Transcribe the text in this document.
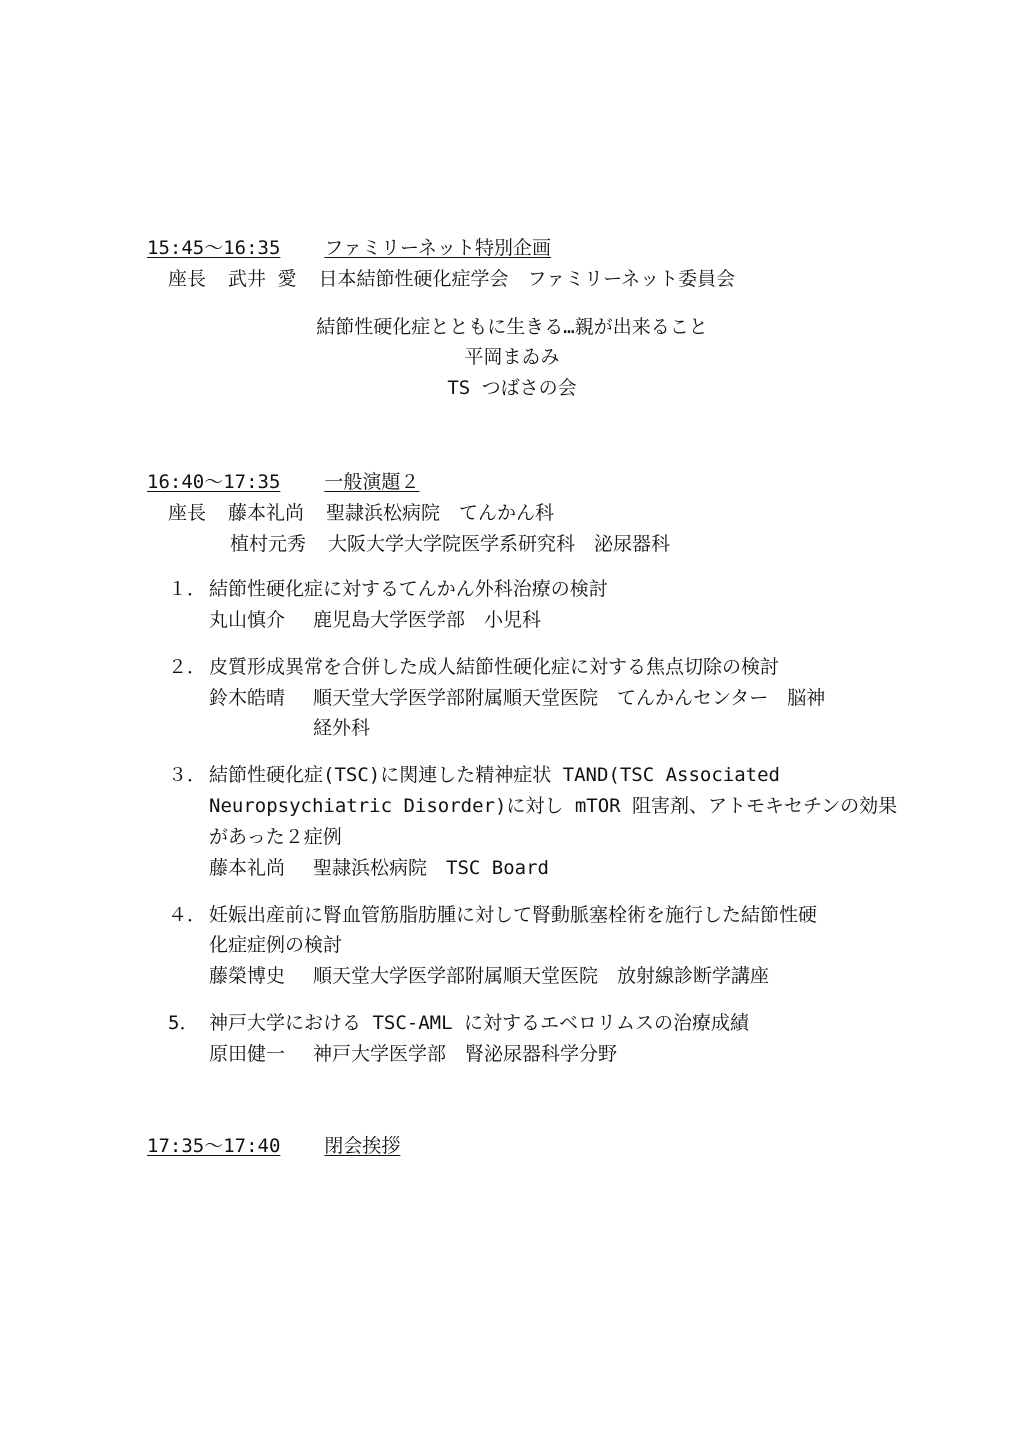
15:45～16:35 ファミリーネット特別企画
座長 武井 愛 日本結節性硬化症学会　ファミリーネット委員会
結節性硬化症とともに生きる…親が出来ること
平岡まゐみ
TS つばさの会
16:40～17:35 一般演題２
座長 藤本礼尚 聖隷浜松病院　てんかん科
植村元秀 大阪大学大学院医学系研究科　泌尿器科
１． 結節性硬化症に対するてんかん外科治療の検討
丸山慎介 鹿児島大学医学部　小児科
２． 皮質形成異常を合併した成人結節性硬化症に対する焦点切除の検討
鈴木皓晴 順天堂大学医学部附属順天堂医院　てんかんセンター　脳神
経外科
３． 結節性硬化症(TSC)に関連した精神症状 TAND(TSC Associated
Neuropsychiatric Disorder)に対し mTOR 阻害剤、アトモキセチンの効果
があった２症例
藤本礼尚 聖隷浜松病院　TSC Board
４． 妊娠出産前に腎血管筋脂肪腫に対して腎動脈塞栓術を施行した結節性硬
化症症例の検討
藤榮博史 順天堂大学医学部附属順天堂医院　放射線診断学講座
5． 神戸大学における TSC-AML に対するエベロリムスの治療成績
原田健一 神戸大学医学部　腎泌尿器科学分野
17:35～17:40 閉会挨拶
